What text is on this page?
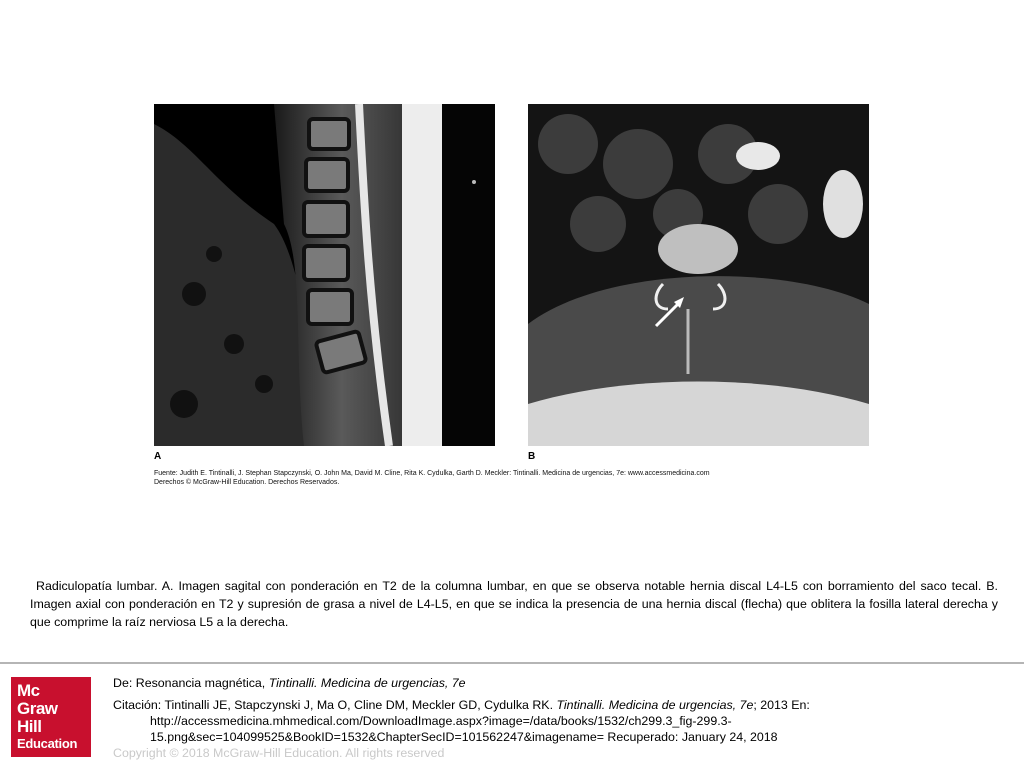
A	B
Fuente: Judith E. Tintinalli, J. Stephan Stapczynski, O. John Ma, David M. Cline, Rita K. Cydulka, Garth D. Meckler: Tintinalli. Medicina de urgencias, 7e: www.accessmedicina.com
Derechos © McGraw-Hill Education. Derechos Reservados.
Radiculopatía lumbar. A. Imagen sagital con ponderación en T2 de la columna lumbar, en que se observa notable hernia discal L4-L5 con borramiento del saco tecal. B. Imagen axial con ponderación en T2 y supresión de grasa a nivel de L4-L5, en que se indica la presencia de una hernia discal (flecha) que oblitera la fosilla lateral derecha y que comprime la raíz nerviosa L5 a la derecha.
Mc
Graw
Hill
Education
De: Resonancia magnética, Tintinalli. Medicina de urgencias, 7e
Citación: Tintinalli JE, Stapczynski J, Ma O, Cline DM, Meckler GD, Cydulka RK. Tintinalli. Medicina de urgencias, 7e; 2013 En:
http://accessmedicina.mhmedical.com/DownloadImage.aspx?image=/data/books/1532/ch299.3_fig-299.3-15.png&sec=104099525&BookID=1532&ChapterSecID=101562247&imagename= Recuperado: January 24, 2018
Copyright © 2018 McGraw-Hill Education. All rights reserved
